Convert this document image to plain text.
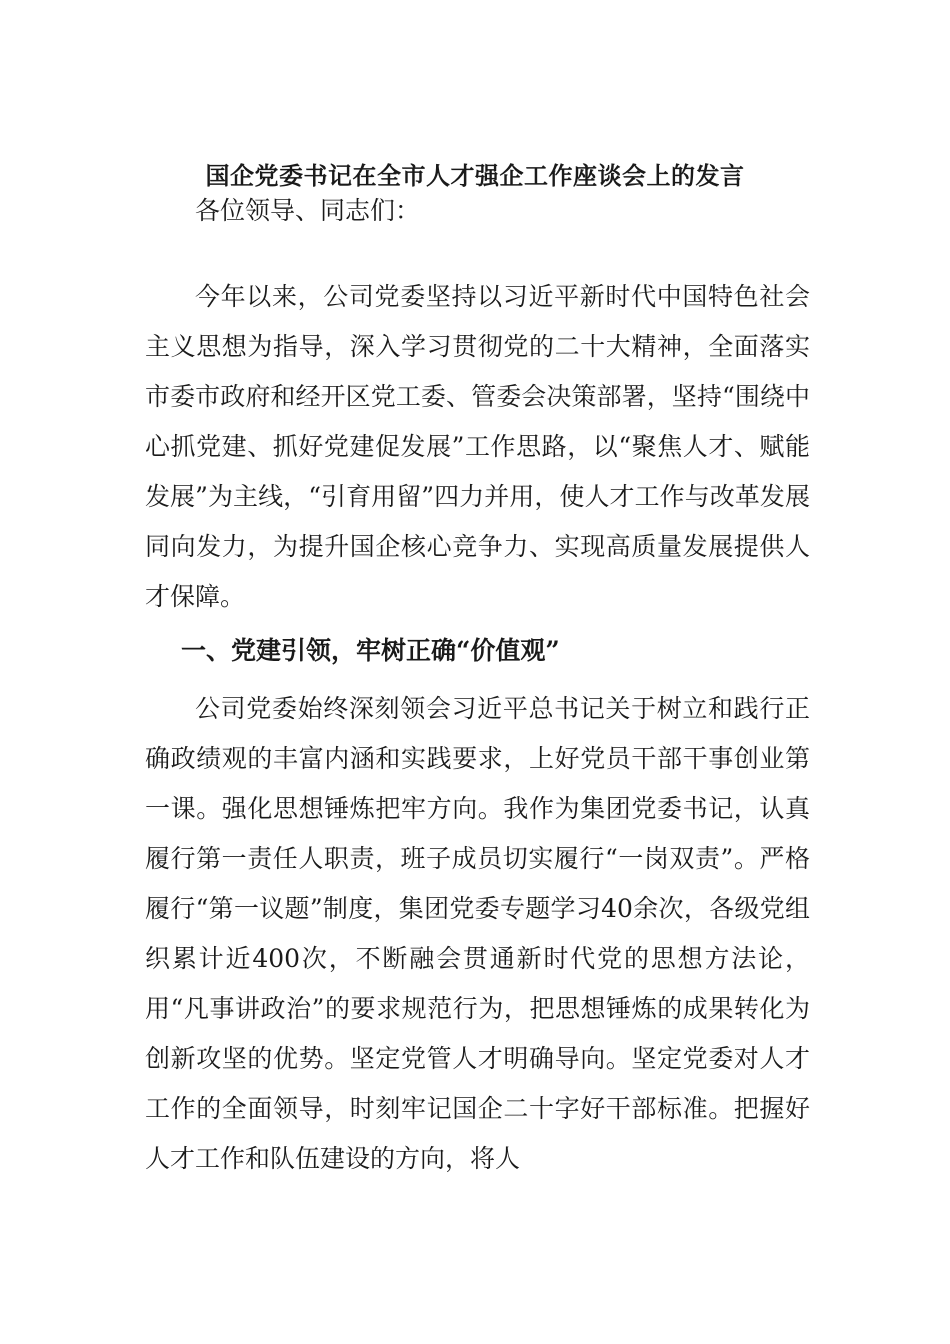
国企党委书记在全市人才强企工作座谈会上的发言

各位领导、同志们：

今年以来，公司党委坚持以习近平新时代中国特色社会主义思想为指导，深入学习贯彻党的二十大精神，全面落实市委市政府和经开区党工委、管委会决策部署，坚持“围绕中心抓党建、抓好党建促发展”工作思路，以“聚焦人才、赋能发展”为主线，“引育用留”四力并用，使人才工作与改革发展同向发力，为提升国企核心竞争力、实现高质量发展提供人才保障。

一、党建引领，牢树正确“价值观”

公司党委始终深刻领会习近平总书记关于树立和践行正确政绩观的丰富内涵和实践要求，上好党员干部干事创业第一课。强化思想锤炼把牢方向。我作为集团党委书记，认真履行第一责任人职责，班子成员切实履行“一岗双责”。严格履行“第一议题”制度，集团党委专题学习40余次，各级党组织累计近400次，不断融会贯通新时代党的思想方法论，用“凡事讲政治”的要求规范行为，把思想锤炼的成果转化为创新攻坚的优势。坚定党管人才明确导向。坚定党委对人才工作的全面领导，时刻牢记国企二十字好干部标准。把握好人才工作和队伍建设的方向，将人
